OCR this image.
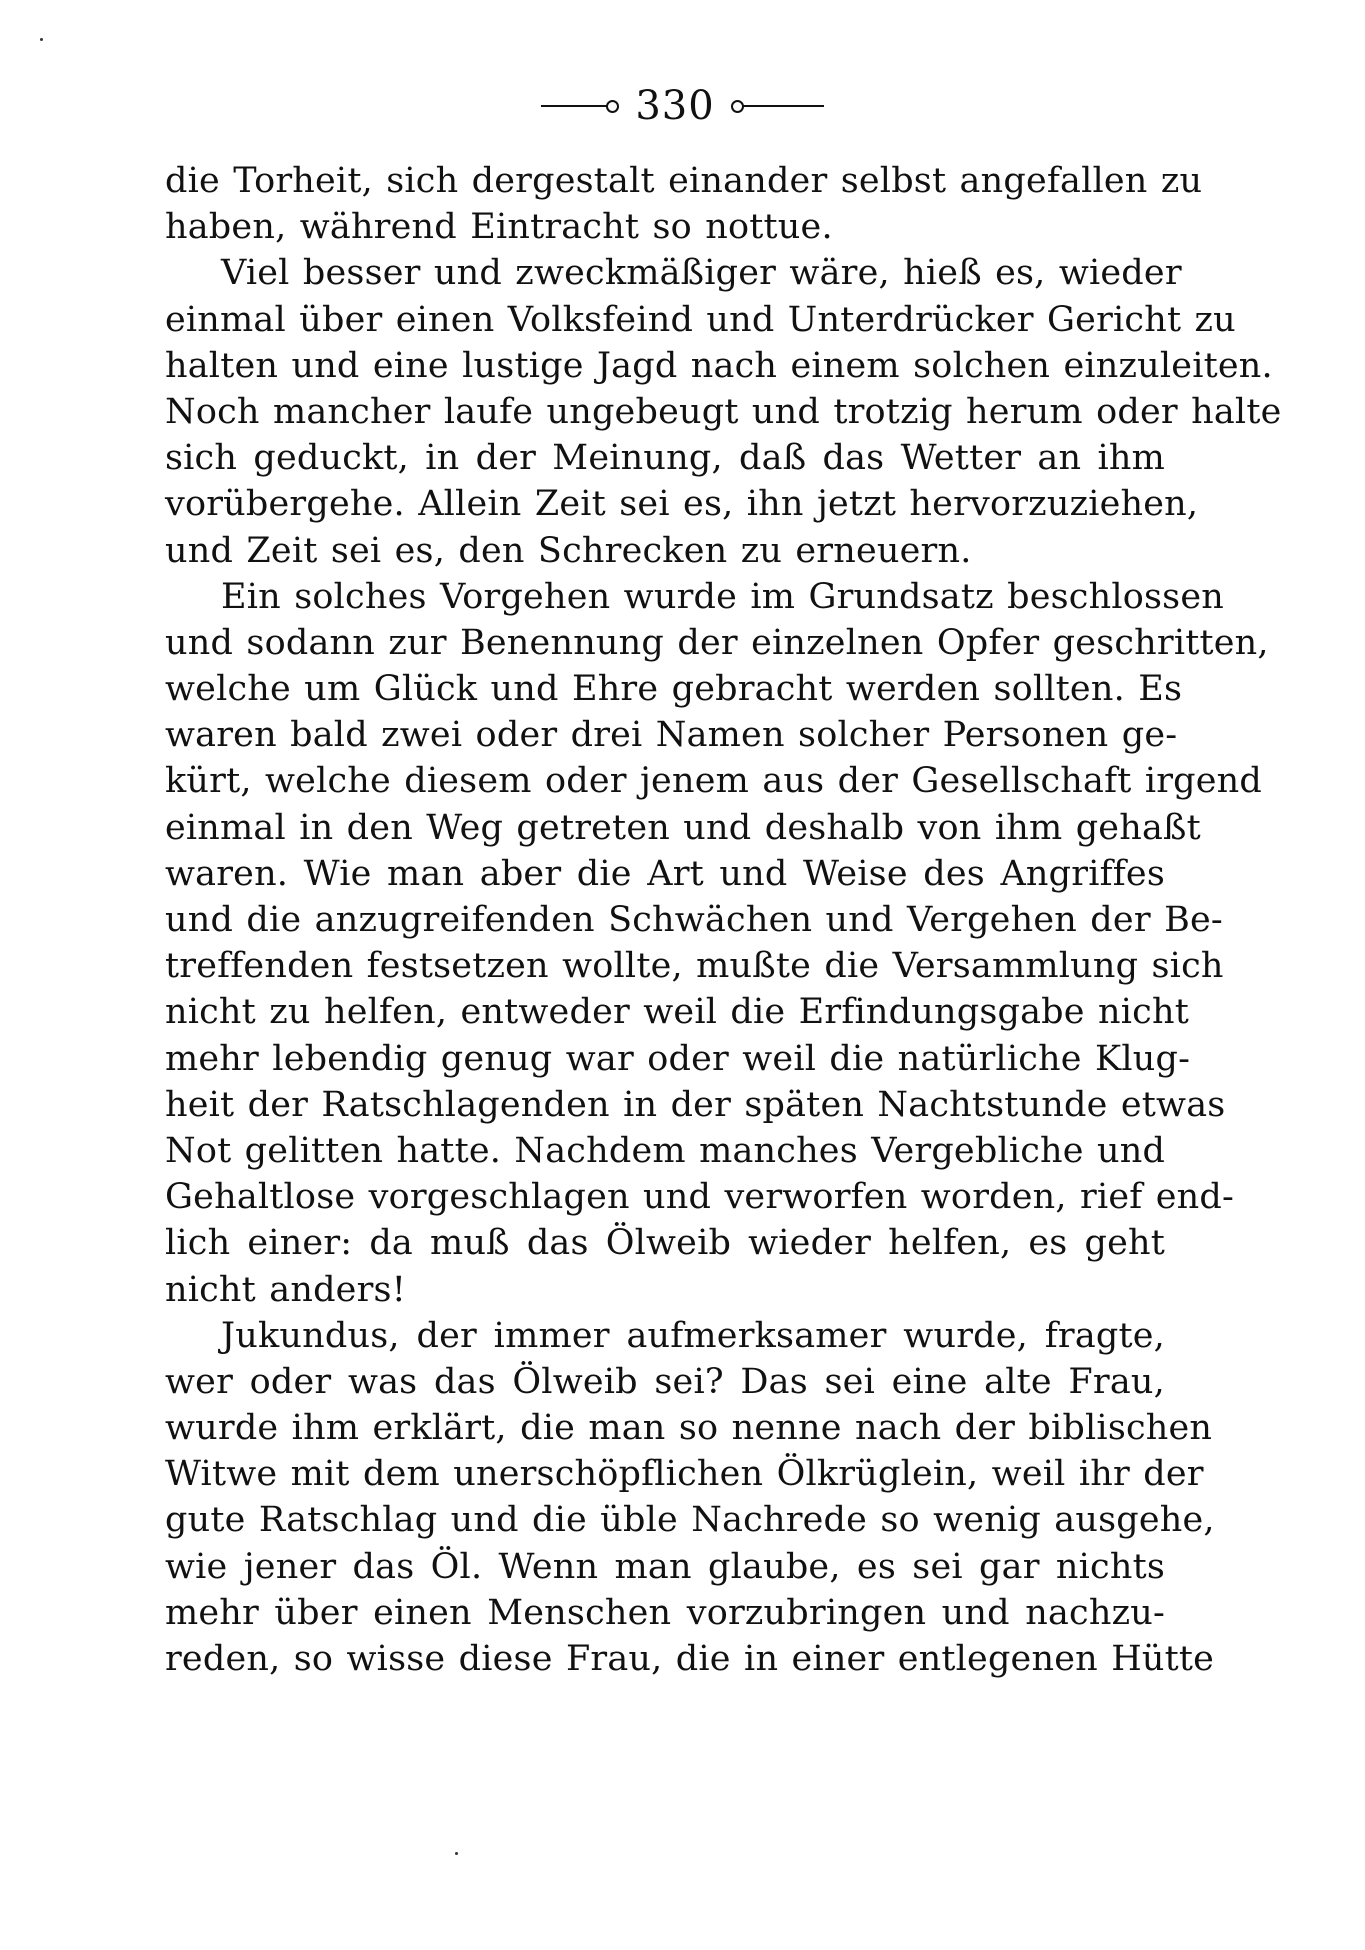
330
die Torheit, sich dergestalt einander selbst angefallen zu
haben, während Eintracht so nottue.
Viel besser und zweckmäßiger wäre, hieß es, wieder
einmal über einen Volksfeind und Unterdrücker Gericht zu
halten und eine lustige Jagd nach einem solchen einzuleiten.
Noch mancher laufe ungebeugt und trotzig herum oder halte
sich geduckt, in der Meinung, daß das Wetter an ihm
vorübergehe. Allein Zeit sei es, ihn jetzt hervorzuziehen,
und Zeit sei es, den Schrecken zu erneuern.
Ein solches Vorgehen wurde im Grundsatz beschlossen
und sodann zur Benennung der einzelnen Opfer geschritten,
welche um Glück und Ehre gebracht werden sollten. Es
waren bald zwei oder drei Namen solcher Personen ge-
kürt, welche diesem oder jenem aus der Gesellschaft irgend
einmal in den Weg getreten und deshalb von ihm gehaßt
waren. Wie man aber die Art und Weise des Angriffes
und die anzugreifenden Schwächen und Vergehen der Be-
treffenden festsetzen wollte, mußte die Versammlung sich
nicht zu helfen, entweder weil die Erfindungsgabe nicht
mehr lebendig genug war oder weil die natürliche Klug-
heit der Ratschlagenden in der späten Nachtstunde etwas
Not gelitten hatte. Nachdem manches Vergebliche und
Gehaltlose vorgeschlagen und verworfen worden, rief end-
lich einer: da muß das Ölweib wieder helfen, es geht
nicht anders!
Jukundus, der immer aufmerksamer wurde, fragte,
wer oder was das Ölweib sei? Das sei eine alte Frau,
wurde ihm erklärt, die man so nenne nach der biblischen
Witwe mit dem unerschöpflichen Ölkrüglein, weil ihr der
gute Ratschlag und die üble Nachrede so wenig ausgehe,
wie jener das Öl. Wenn man glaube, es sei gar nichts
mehr über einen Menschen vorzubringen und nachzu-
reden, so wisse diese Frau, die in einer entlegenen Hütte
